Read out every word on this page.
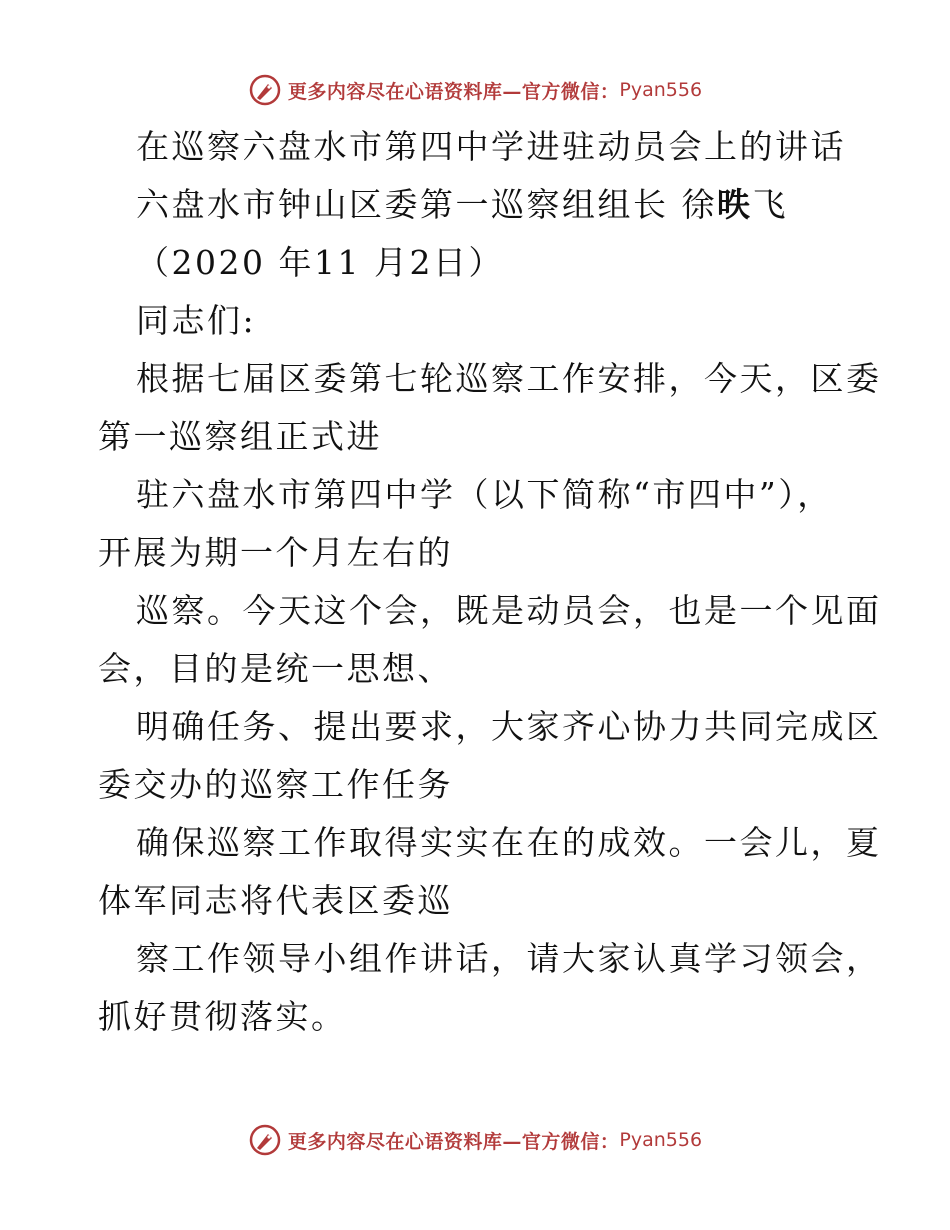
更多内容尽在心语资料库—官方微信： Pyan556
在巡察六盘水市第四中学进驻动员会上的讲话
六盘水市钟山区委第一巡察组组长 徐昳飞
（2020 年11 月2日）
同志们:
根据七届区委第七轮巡察工作安排，今天，区委
第一巡察组正式进
驻六盘水市第四中学（以下简称“市四中”），
开展为期一个月左右的
巡察。今天这个会，既是动员会，也是一个见面
会，目的是统一思想、
明确任务、提出要求，大家齐心协力共同完成区
委交办的巡察工作任务
确保巡察工作取得实实在在的成效。一会儿，夏
体军同志将代表区委巡
察工作领导小组作讲话，请大家认真学习领会，
抓好贯彻落实。
更多内容尽在心语资料库—官方微信： Pyan556
